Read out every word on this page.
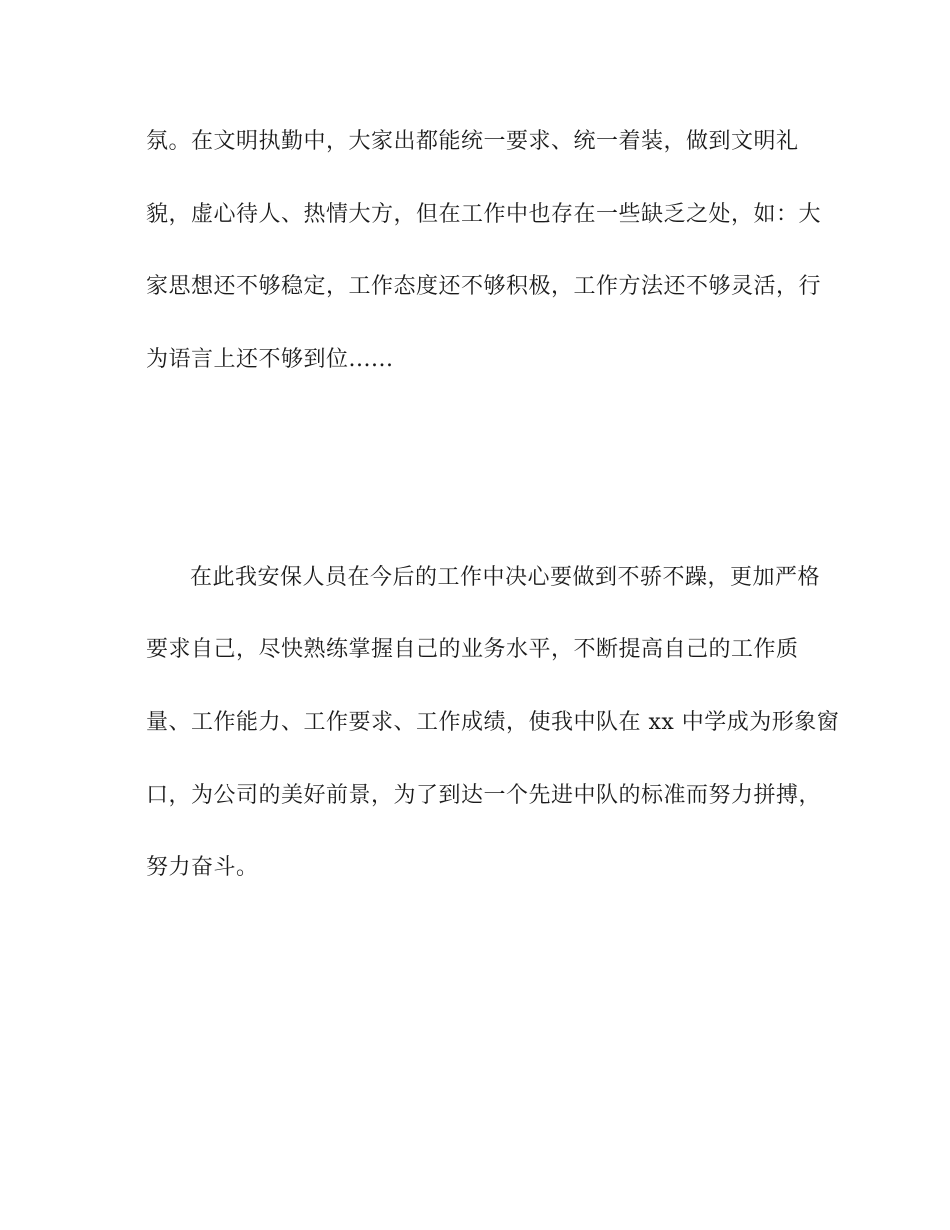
氛。在文明执勤中，大家出都能统一要求、统一着装，做到文明礼
貌，虚心待人、热情大方，但在工作中也存在一些缺乏之处，如：大
家思想还不够稳定，工作态度还不够积极，工作方法还不够灵活，行
为语言上还不够到位......
在此我安保人员在今后的工作中决心要做到不骄不躁，更加严格
要求自己，尽快熟练掌握自己的业务水平，不断提高自己的工作质
量、工作能力、工作要求、工作成绩，使我中队在 xx 中学成为形象窗
口，为公司的美好前景，为了到达一个先进中队的标准而努力拼搏，
努力奋斗。
